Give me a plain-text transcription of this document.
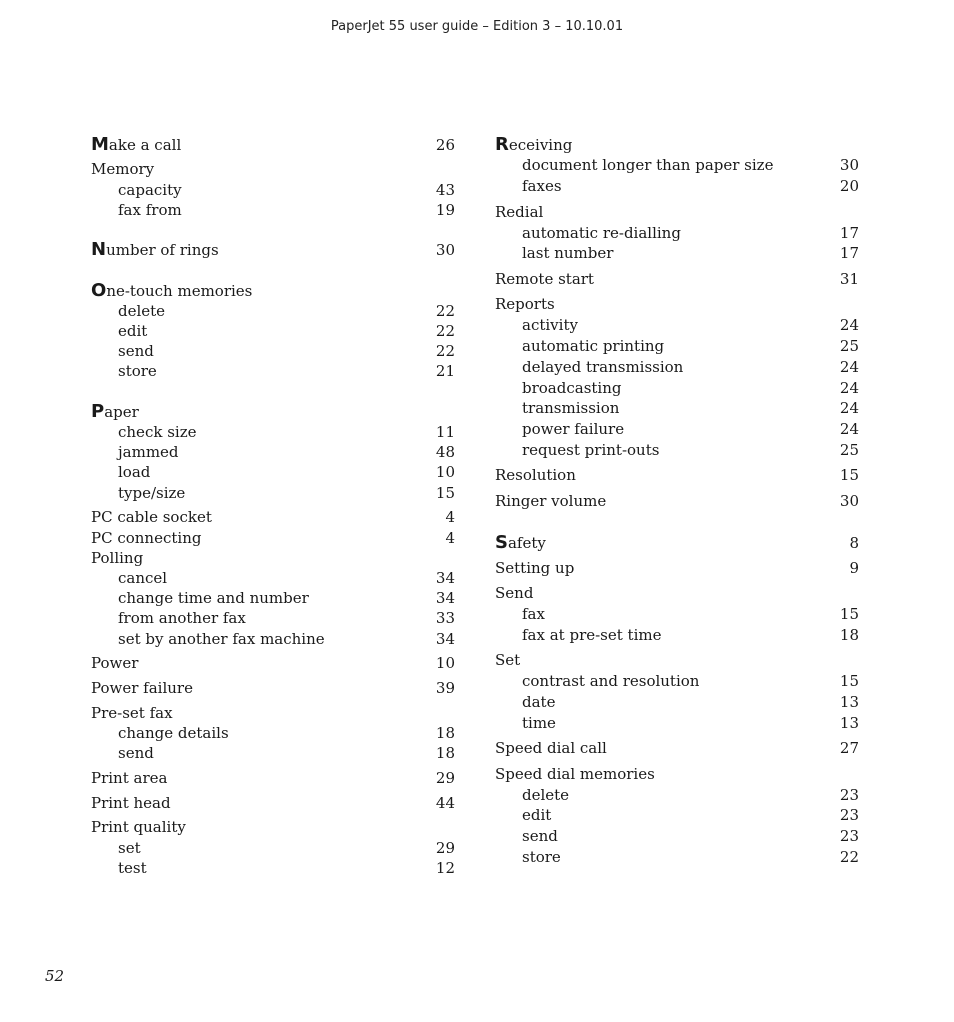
PaperJet 55 user guide – Edition 3 – 10.10.01
Make a call	26
Memory
capacity	43
fax from	19
Number of rings	30
One-touch memories
delete	22
edit	22
send	22
store	21
Paper
check size	11
jammed	48
load	10
type/size	15
PC cable socket	4
PC connecting	4
Polling
cancel	34
change time and number	34
from another fax	33
set by another fax machine	34
Power	10
Power failure	39
Pre-set fax
change details	18
send	18
Print area	29
Print head	44
Print quality
set	29
test	12
Receiving
document longer than paper size	30
faxes	20
Redial
automatic re-dialling	17
last number	17
Remote start	31
Reports
activity	24
automatic printing	25
delayed transmission	24
broadcasting	24
transmission	24
power failure	24
request print-outs	25
Resolution	15
Ringer volume	30
Safety	8
Setting up	9
Send
fax	15
fax at pre-set time	18
Set
contrast and resolution	15
date	13
time	13
Speed dial call	27
Speed dial memories
delete	23
edit	23
send	23
store	22
52
